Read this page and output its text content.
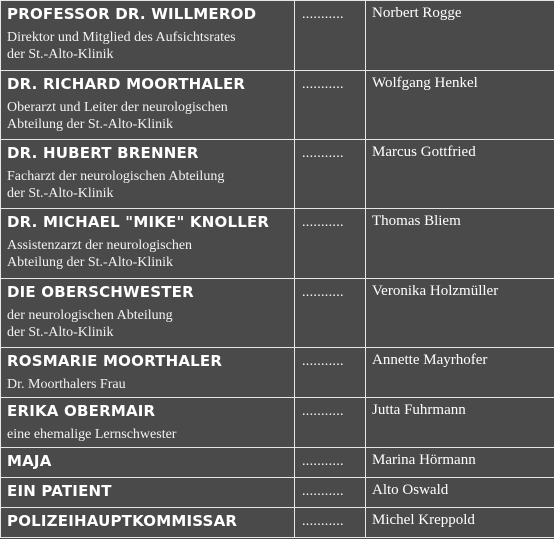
PROFESSOR DR. WILLMEROD
Direktor und Mitglied des Aufsichtsrates
der St.-Alto-Klinik	...........	Norbert Rogge

DR. RICHARD MOORTHALER
Oberarzt und Leiter der neurologischen
Abteilung der St.-Alto-Klinik	...........	Wolfgang Henkel

DR. HUBERT BRENNER
Facharzt der neurologischen Abteilung
der St.-Alto-Klinik	...........	Marcus Gottfried

DR. MICHAEL "MIKE" KNOLLER
Assistenzarzt der neurologischen
Abteilung der St.-Alto-Klinik	...........	Thomas Bliem

DIE OBERSCHWESTER
der neurologischen Abteilung
der St.-Alto-Klinik	...........	Veronika Holzmüller

ROSMARIE MOORTHALER
Dr. Moorthalers Frau	...........	Annette Mayrhofer

ERIKA OBERMAIR
eine ehemalige Lernschwester	...........	Jutta Fuhrmann

MAJA	...........	Marina Hörmann

EIN PATIENT	...........	Alto Oswald

POLIZEIHAUPTKOMMISSAR	...........	Michel Kreppold
